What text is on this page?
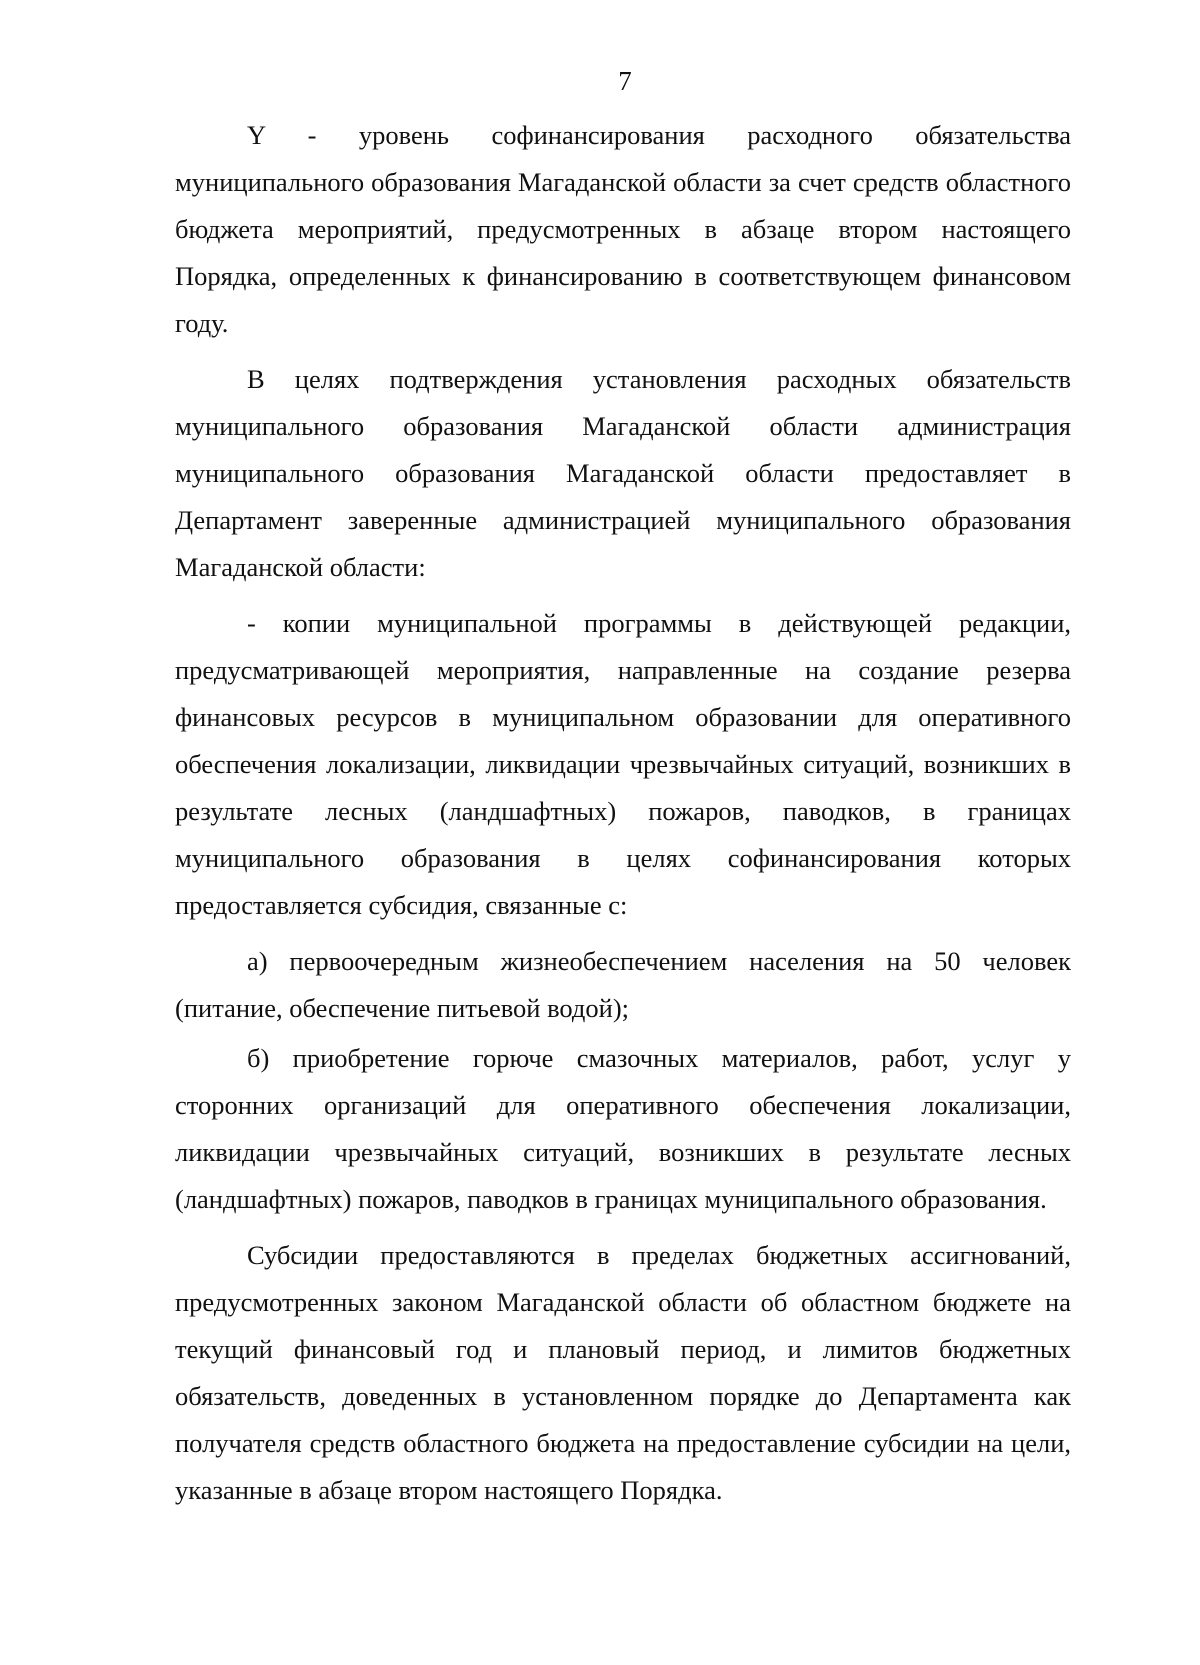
7

Y - уровень софинансирования расходного обязательства муниципального образования Магаданской области за счет средств областного бюджета мероприятий, предусмотренных в абзаце втором настоящего Порядка, определенных к финансированию в соответствующем финансовом году.

В целях подтверждения установления расходных обязательств муниципального образования Магаданской области администрация муниципального образования Магаданской области предоставляет в Департамент заверенные администрацией муниципального образования Магаданской области:

- копии муниципальной программы в действующей редакции, предусматривающей мероприятия, направленные на создание резерва финансовых ресурсов в муниципальном образовании для оперативного обеспечения локализации, ликвидации чрезвычайных ситуаций, возникших в результате лесных (ландшафтных) пожаров, паводков, в границах муниципального образования в целях софинансирования которых предоставляется субсидия, связанные с:

а) первоочередным жизнеобеспечением населения на 50 человек (питание, обеспечение питьевой водой);

б) приобретение горюче смазочных материалов, работ, услуг у сторонних организаций для оперативного обеспечения локализации, ликвидации чрезвычайных ситуаций, возникших в результате лесных (ландшафтных) пожаров, паводков в границах муниципального образования.

Субсидии предоставляются в пределах бюджетных ассигнований, предусмотренных законом Магаданской области об областном бюджете на текущий финансовый год и плановый период, и лимитов бюджетных обязательств, доведенных в установленном порядке до Департамента как получателя средств областного бюджета на предоставление субсидии на цели, указанные в абзаце втором настоящего Порядка.
